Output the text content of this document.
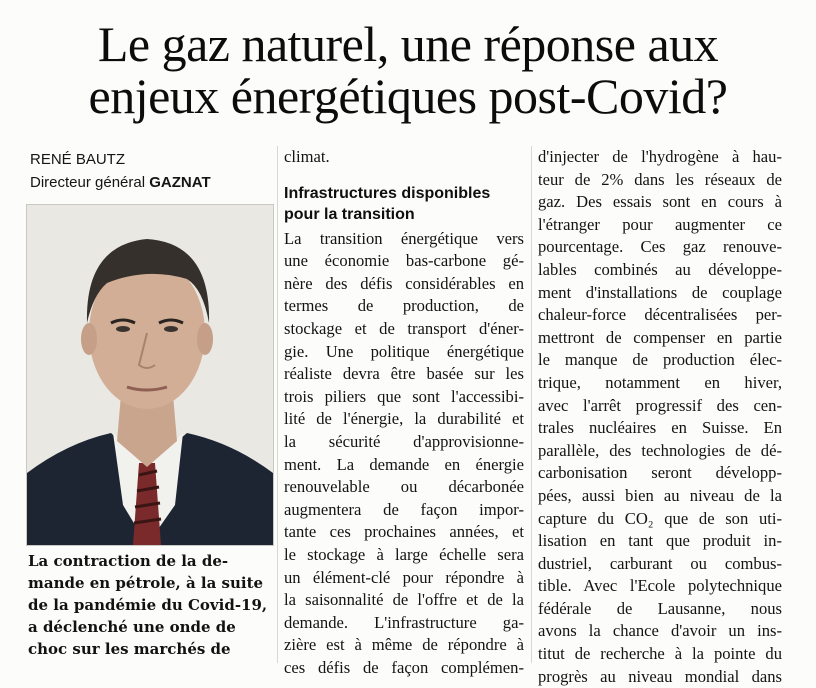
Le gaz naturel, une réponse aux
enjeux énergétiques post-Covid?
RENÉ BAUTZ
Directeur général GAZNAT
La contraction de la de-
mande en pétrole, à la suite
de la pandémie du Covid-19,
a déclenché une onde de
choc sur les marchés de
climat.
Infrastructures disponibles
pour la transition
La transition énergétique vers
une économie bas-carbone gé-
nère des défis considérables en
termes de production, de
stockage et de transport d'éner-
gie. Une politique énergétique
réaliste devra être basée sur les
trois piliers que sont l'accessibi-
lité de l'énergie, la durabilité et
la sécurité d'approvisionne-
ment. La demande en énergie
renouvelable ou décarbonée
augmentera de façon impor-
tante ces prochaines années, et
le stockage à large échelle sera
un élément-clé pour répondre à
la saisonnalité de l'offre et de la
demande. L'infrastructure ga-
zière est à même de répondre à
ces défis de façon complémen-
d'injecter de l'hydrogène à hau-
teur de 2% dans les réseaux de
gaz. Des essais sont en cours à
l'étranger pour augmenter ce
pourcentage. Ces gaz renouve-
lables combinés au développe-
ment d'installations de couplage
chaleur-force décentralisées per-
mettront de compenser en partie
le manque de production élec-
trique, notamment en hiver,
avec l'arrêt progressif des cen-
trales nucléaires en Suisse. En
parallèle, des technologies de dé-
carbonisation seront développ-
pées, aussi bien au niveau de la
capture du CO₂ que de son uti-
lisation en tant que produit in-
dustriel, carburant ou combus-
tible. Avec l'Ecole polytechnique
fédérale de Lausanne, nous
avons la chance d'avoir un ins-
titut de recherche à la pointe du
progrès au niveau mondial dans
